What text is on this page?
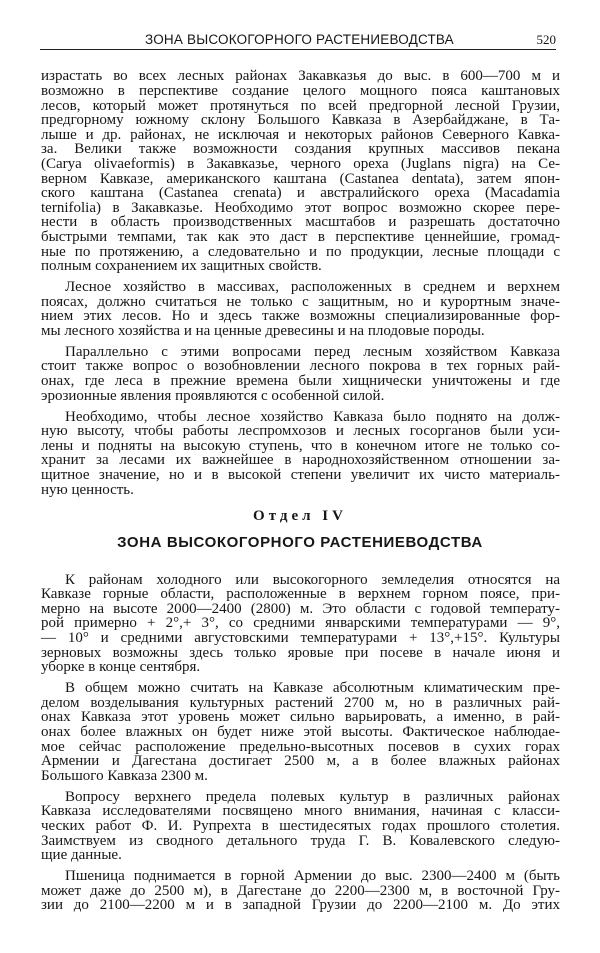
ЗОНА ВЫСОКОГОРНОГО РАСТЕНИЕВОДСТВА	520
израстать во всех лесных районах Закавказья до выс. в 600—700 м и
возможно в перспективе создание целого мощного пояса каштановых
лесов, который может протянуться по всей предгорной лесной Грузии,
предгорному южному склону Большого Кавказа в Азербайджане, в Та-
лыше и др. районах, не исключая и некоторых районов Северного Кавка-
за. Велики также возможности создания крупных массивов пекана
(Carya olivaeformis) в Закавказье, черного ореха (Juglans nigra) на Се-
верном Кавказе, американского каштана (Castanea dentata), затем япон-
ского каштана (Castanea crenata) и австралийского ореха (Macadamia
ternifolia) в Закавказье. Необходимо этот вопрос возможно скорее пере-
нести в область производственных масштабов и разрешать достаточно
быстрыми темпами, так как это даст в перспективе ценнейшие, громад-
ные по протяжению, а следовательно и по продукции, лесные площади с
полным сохранением их защитных свойств.
Лесное хозяйство в массивах, расположенных в среднем и верхнем
поясах, должно считаться не только с защитным, но и курортным значе-
нием этих лесов. Но и здесь также возможны специализированные фор-
мы лесного хозяйства и на ценные древесины и на плодовые породы.
Параллельно с этими вопросами перед лесным хозяйством Кавказа
стоит также вопрос о возобновлении лесного покрова в тех горных рай-
онах, где леса в прежние времена были хищнически уничтожены и где
эрозионные явления проявляются с особенной силой.
Необходимо, чтобы лесное хозяйство Кавказа было поднято на долж-
ную высоту, чтобы работы леспромхозов и лесных госорганов были уси-
лены и подняты на высокую ступень, что в конечном итоге не только со-
хранит за лесами их важнейшее в народнохозяйственном отношении за-
щитное значение, но и в высокой степени увеличит их чисто материаль-
ную ценность.
Отдел IV
ЗОНА ВЫСОКОГОРНОГО РАСТЕНИЕВОДСТВА
К районам холодного или высокогорного земледелия относятся на
Кавказе горные области, расположенные в верхнем горном поясе, при-
мерно на высоте 2000—2400 (2800) м. Это области с годовой температу-
рой примерно + 2°,+ 3°, со средними январскими температурами — 9°,
— 10° и средними августовскими температурами + 13°,+15°. Культуры
зерновых возможны здесь только яровые при посеве в начале июня и
уборке в конце сентября.
В общем можно считать на Кавказе абсолютным климатическим пре-
делом возделывания культурных растений 2700 м, но в различных рай-
онах Кавказа этот уровень может сильно варьировать, а именно, в рай-
онах более влажных он будет ниже этой высоты. Фактическое наблюдае-
мое сейчас расположение предельно-высотных посевов в сухих горах
Армении и Дагестана достигает 2500 м, а в более влажных районах
Большого Кавказа 2300 м.
Вопросу верхнего предела полевых культур в различных районах
Кавказа исследователями посвящено много внимания, начиная с класси-
ческих работ Ф. И. Рупрехта в шестидесятых годах прошлого столетия.
Заимствуем из сводного детального труда Г. В. Ковалевского следую-
щие данные.
Пшеница поднимается в горной Армении до выс. 2300—2400 м (быть
может даже до 2500 м), в Дагестане до 2200—2300 м, в восточной Гру-
зии до 2100—2200 м и в западной Грузии до 2200—2100 м. До этих
